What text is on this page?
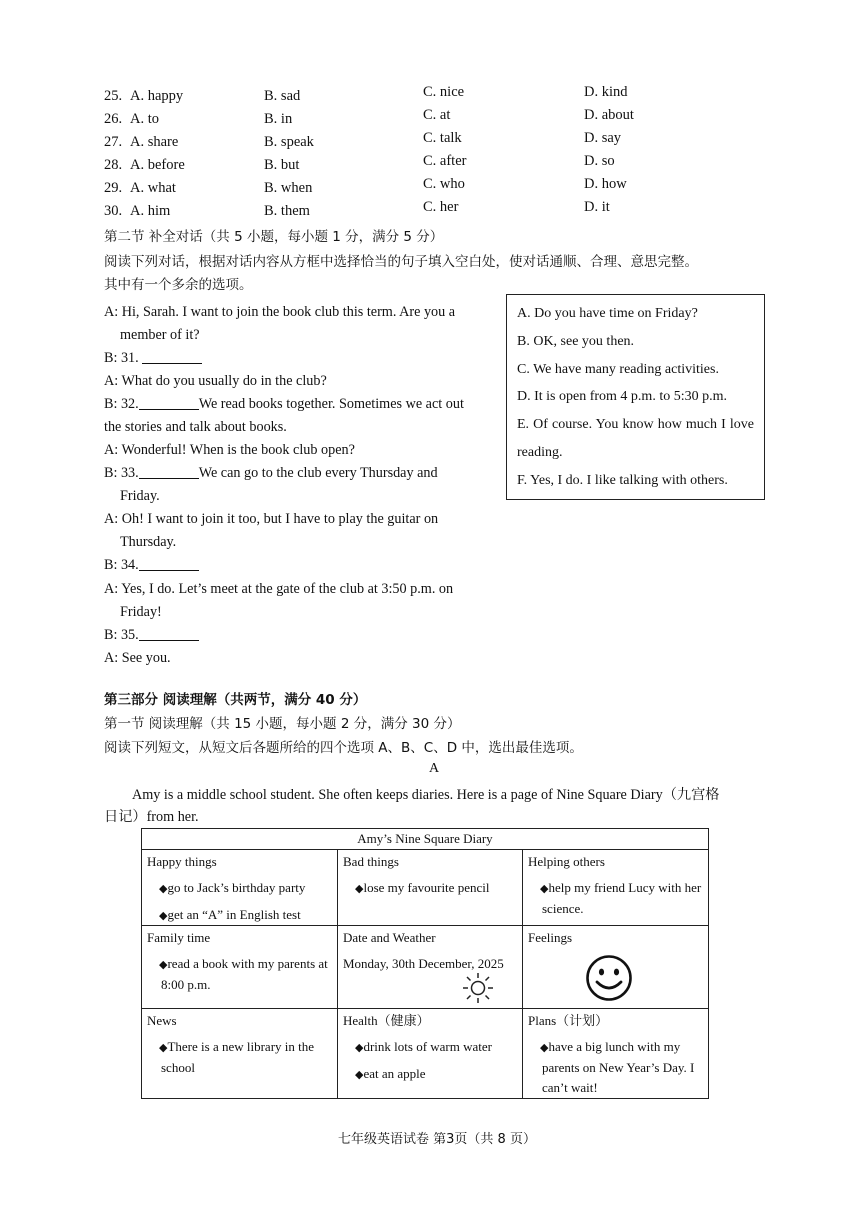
25. A. happy	B. sad	C. nice	D. kind
26. A. to	B. in	C. at	D. about
27. A. share	B. speak	C. talk	D. say
28. A. before	B. but	C. after	D. so
29. A. what	B. when	C. who	D. how
30. A. him	B. them	C. her	D. it
第二节 补全对话（共 5 小题，每小题 1 分，满分 5 分）
阅读下列对话，根据对话内容从方框中选择恰当的句子填入空白处，使对话通顺、合理、意思完整。
其中有一个多余的选项。
A: Hi, Sarah. I want to join the book club this term. Are you a
member of it?
B: 31.
A: What do you usually do in the club?
B: 32.	We read books together. Sometimes we act out
the stories and talk about books.
A: Wonderful! When is the book club open?
B: 33.	We can go to the club every Thursday and
Friday.
A: Oh! I want to join it too, but I have to play the guitar on
Thursday.
B: 34.
A: Yes, I do. Let’s meet at the gate of the club at 3:50 p.m. on
Friday!
B: 35.
A: See you.
A. Do you have time on Friday?
B. OK, see you then.
C. We have many reading activities.
D. It is open from 4 p.m. to 5:30 p.m.
E. Of course. You know how much I love reading.
F. Yes, I do. I like talking with others.
第三部分 阅读理解（共两节，满分 40 分）
第一节 阅读理解（共 15 小题，每小题 2 分，满分 30 分）
阅读下列短文，从短文后各题所给的四个选项 A、B、C、D 中，选出最佳选项。
A
Amy is a middle school student. She often keeps diaries. Here is a page of Nine Square Diary（九宫格
日记）from her.
Amy’s Nine Square Diary
Happy things
◆go to Jack’s birthday party
◆get an “A” in English test
Bad things
◆lose my favourite pencil
Helping others
◆help my friend Lucy with her science.
Family time
◆read a book with my parents at 8:00 p.m.
Date and Weather
Monday, 30th December, 2025
Feelings
News
◆There is a new library in the school
Health（健康）
◆drink lots of warm water
◆eat an apple
Plans（计划）
◆have a big lunch with my parents on New Year’s Day. I can’t wait!
七年级英语试卷 第3页（共 8 页）
